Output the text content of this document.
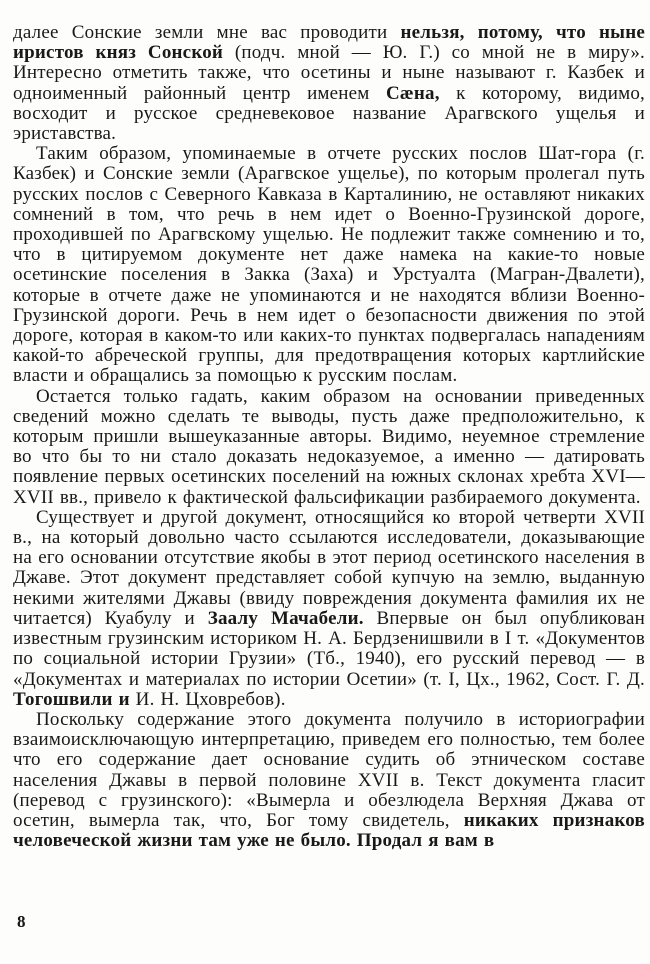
далее Сонские земли мне вас проводити нельзя, потому, что ныне иристов княз Сонской (подч. мной — Ю. Г.) со мной не в миру». Интересно отметить также, что осетины и ныне называют г. Казбек и одноименный районный центр именем Сæна, к которому, видимо, восходит и русское средневековое название Арагвского ущелья и эриставства.

Таким образом, упоминаемые в отчете русских послов Шат-гора (г. Казбек) и Сонские земли (Арагвское ущелье), по которым пролегал путь русских послов с Северного Кавказа в Карталинию, не оставляют никаких сомнений в том, что речь в нем идет о Военно-Грузинской дороге, проходившей по Арагвскому ущелью. Не подлежит также сомнению и то, что в цитируемом документе нет даже намека на какие-то новые осетинские поселения в Закка (Заха) и Урстуалта (Магран-Двалети), которые в отчете даже не упоминаются и не находятся вблизи Военно-Грузинской дороги. Речь в нем идет о безопасности движения по этой дороге, которая в каком-то или каких-то пунктах подвергалась нападениям какой-то абреческой группы, для предотвращения которых картлийские власти и обращались за помощью к русским послам.

Остается только гадать, каким образом на основании приведенных сведений можно сделать те выводы, пусть даже предположительно, к которым пришли вышеуказанные авторы. Видимо, неуемное стремление во что бы то ни стало доказать недоказуемое, а именно — датировать появление первых осетинских поселений на южных склонах хребта XVI—XVII вв., привело к фактической фальсификации разбираемого документа.

Существует и другой документ, относящийся ко второй четверти XVII в., на который довольно часто ссылаются исследователи, доказывающие на его основании отсутствие якобы в этот период осетинского населения в Джаве. Этот документ представляет собой купчую на землю, выданную некими жителями Джавы (ввиду повреждения документа фамилия их не читается) Куабулу и Заалу Мачабели. Впервые он был опубликован известным грузинским историком Н. А. Бердзенишвили в I т. «Документов по социальной истории Грузии» (Тб., 1940), его русский перевод — в «Документах и материалах по истории Осетии» (т. I, Цх., 1962, Сост. Г. Д. Тогошвили и И. Н. Цховребов).

Поскольку содержание этого документа получило в историографии взаимоисключающую интерпретацию, приведем его полностью, тем более что его содержание дает основание судить об этническом составе населения Джавы в первой половине XVII в. Текст документа гласит (перевод с грузинского): «Вымерла и обезлюдела Верхняя Джава от осетин, вымерла так, что, Бог тому свидетель, никаких признаков человеческой жизни там уже не было. Продал я вам в

8
